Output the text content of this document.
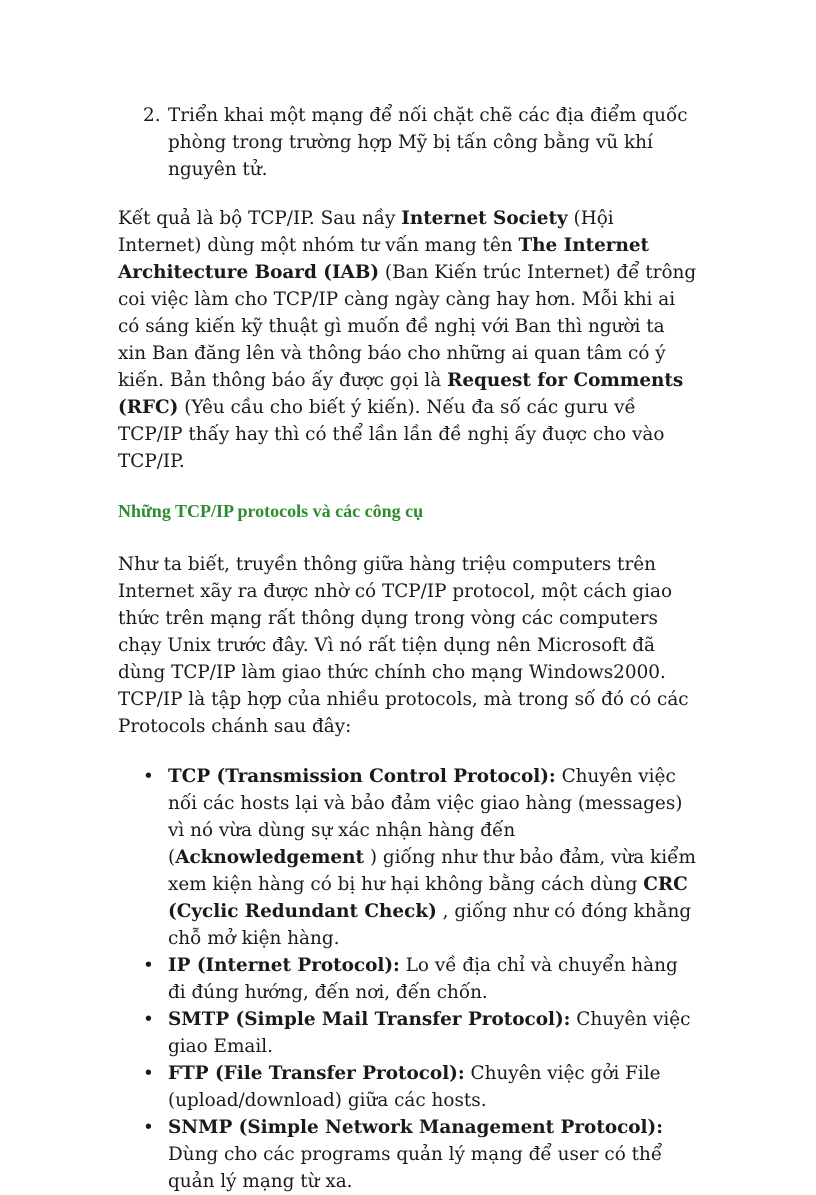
2. Triển khai một mạng để nối chặt chẽ các địa điểm quốc phòng trong trường hợp Mỹ bị tấn công bằng vũ khí nguyên tử.

Kết quả là bộ TCP/IP. Sau nầy Internet Society (Hội Internet) dùng một nhóm tư vấn mang tên The Internet Architecture Board (IAB) (Ban Kiến trúc Internet) để trông coi việc làm cho TCP/IP càng ngày càng hay hơn. Mỗi khi ai có sáng kiến kỹ thuật gì muốn đề nghị với Ban thì người ta xin Ban đăng lên và thông báo cho những ai quan tâm có ý kiến. Bản thông báo ấy được gọi là Request for Comments (RFC) (Yêu cầu cho biết ý kiến). Nếu đa số các guru về TCP/IP thấy hay thì có thể lần lần đề nghị ấy đuợc cho vào TCP/IP.

Những TCP/IP protocols và các công cụ

Như ta biết, truyền thông giữa hàng triệu computers trên Internet xãy ra được nhờ có TCP/IP protocol, một cách giao thức trên mạng rất thông dụng trong vòng các computers chạy Unix trước đây. Vì nó rất tiện dụng nên Microsoft đã dùng TCP/IP làm giao thức chính cho mạng Windows2000. TCP/IP là tập hợp của nhiều protocols, mà trong số đó có các Protocols chánh sau đây:

• TCP (Transmission Control Protocol): Chuyên việc nối các hosts lại và bảo đảm việc giao hàng (messages) vì nó vừa dùng sự xác nhận hàng đến (Acknowledgement ) giống như thư bảo đảm, vừa kiểm xem kiện hàng có bị hư hại không bằng cách dùng CRC (Cyclic Redundant Check) , giống như có đóng khằng chỗ mở kiện hàng.
• IP (Internet Protocol): Lo về địa chỉ và chuyển hàng đi đúng hướng, đến nơi, đến chốn.
• SMTP (Simple Mail Transfer Protocol): Chuyên việc giao Email.
• FTP (File Transfer Protocol): Chuyên việc gởi File (upload/download) giữa các hosts.
• SNMP (Simple Network Management Protocol): Dùng cho các programs quản lý mạng để user có thể quản lý mạng từ xa.
